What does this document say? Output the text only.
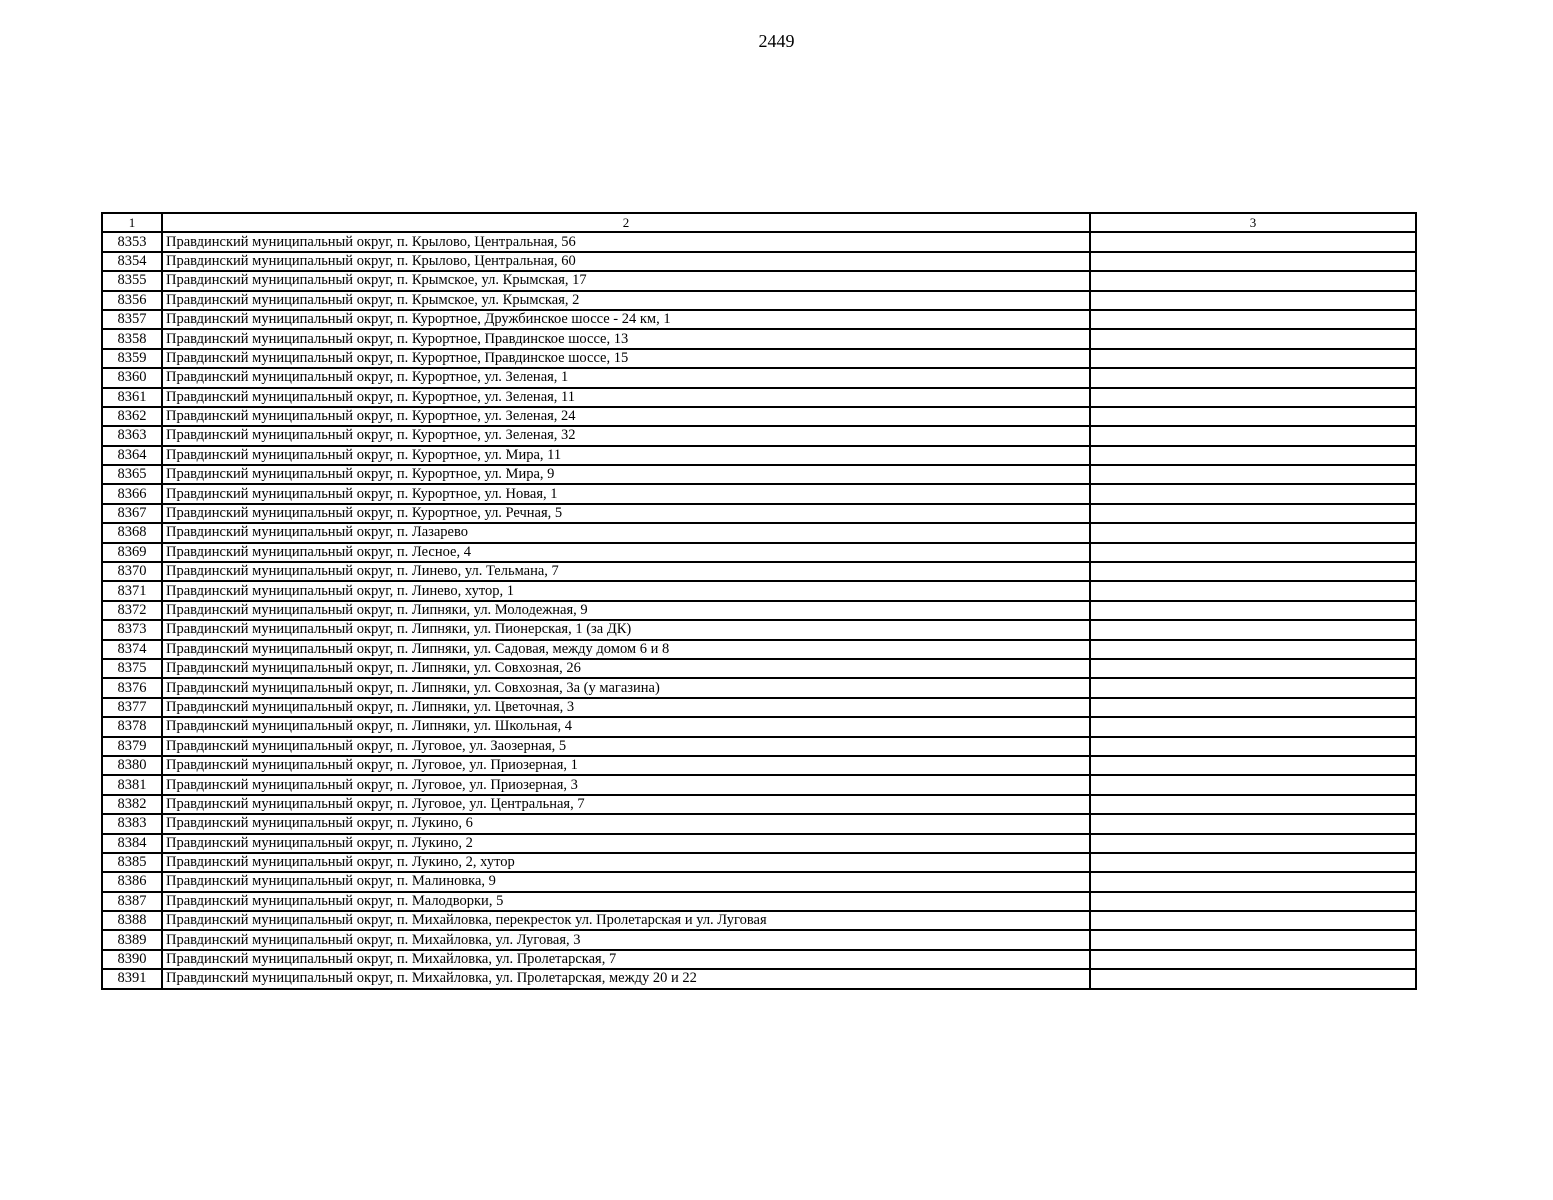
2449
1	2	3
8353	Правдинский муниципальный округ, п. Крылово, Центральная, 56	
8354	Правдинский муниципальный округ, п. Крылово, Центральная, 60	
8355	Правдинский муниципальный округ, п. Крымское, ул. Крымская, 17	
8356	Правдинский муниципальный округ, п. Крымское, ул. Крымская, 2	
8357	Правдинский муниципальный округ, п. Курортное, Дружбинское шоссе - 24 км, 1	
8358	Правдинский муниципальный округ, п. Курортное, Правдинское шоссе, 13	
8359	Правдинский муниципальный округ, п. Курортное, Правдинское шоссе, 15	
8360	Правдинский муниципальный округ, п. Курортное, ул. Зеленая, 1	
8361	Правдинский муниципальный округ, п. Курортное, ул. Зеленая, 11	
8362	Правдинский муниципальный округ, п. Курортное, ул. Зеленая, 24	
8363	Правдинский муниципальный округ, п. Курортное, ул. Зеленая, 32	
8364	Правдинский муниципальный округ, п. Курортное, ул. Мира, 11	
8365	Правдинский муниципальный округ, п. Курортное, ул. Мира, 9	
8366	Правдинский муниципальный округ, п. Курортное, ул. Новая, 1	
8367	Правдинский муниципальный округ, п. Курортное, ул. Речная, 5	
8368	Правдинский муниципальный округ, п. Лазарево	
8369	Правдинский муниципальный округ, п. Лесное, 4	
8370	Правдинский муниципальный округ, п. Линево, ул. Тельмана, 7	
8371	Правдинский муниципальный округ, п. Линево, хутор, 1	
8372	Правдинский муниципальный округ, п. Липняки, ул. Молодежная, 9	
8373	Правдинский муниципальный округ, п. Липняки, ул. Пионерская, 1 (за ДК)	
8374	Правдинский муниципальный округ, п. Липняки, ул. Садовая, между домом 6 и 8	
8375	Правдинский муниципальный округ, п. Липняки, ул. Совхозная, 26	
8376	Правдинский муниципальный округ, п. Липняки, ул. Совхозная, 3а (у магазина)	
8377	Правдинский муниципальный округ, п. Липняки, ул. Цветочная, 3	
8378	Правдинский муниципальный округ, п. Липняки, ул. Школьная, 4	
8379	Правдинский муниципальный округ, п. Луговое, ул. Заозерная, 5	
8380	Правдинский муниципальный округ, п. Луговое, ул. Приозерная, 1	
8381	Правдинский муниципальный округ, п. Луговое, ул. Приозерная, 3	
8382	Правдинский муниципальный округ, п. Луговое, ул. Центральная, 7	
8383	Правдинский муниципальный округ, п. Лукино, 6	
8384	Правдинский муниципальный округ, п. Лукино, 2	
8385	Правдинский муниципальный округ, п. Лукино, 2, хутор	
8386	Правдинский муниципальный округ, п. Малиновка, 9	
8387	Правдинский муниципальный округ, п. Малодворки, 5	
8388	Правдинский муниципальный округ, п. Михайловка, перекресток ул. Пролетарская и ул. Луговая	
8389	Правдинский муниципальный округ, п. Михайловка, ул. Луговая, 3	
8390	Правдинский муниципальный округ, п. Михайловка, ул. Пролетарская, 7	
8391	Правдинский муниципальный округ, п. Михайловка, ул. Пролетарская, между 20 и 22	
